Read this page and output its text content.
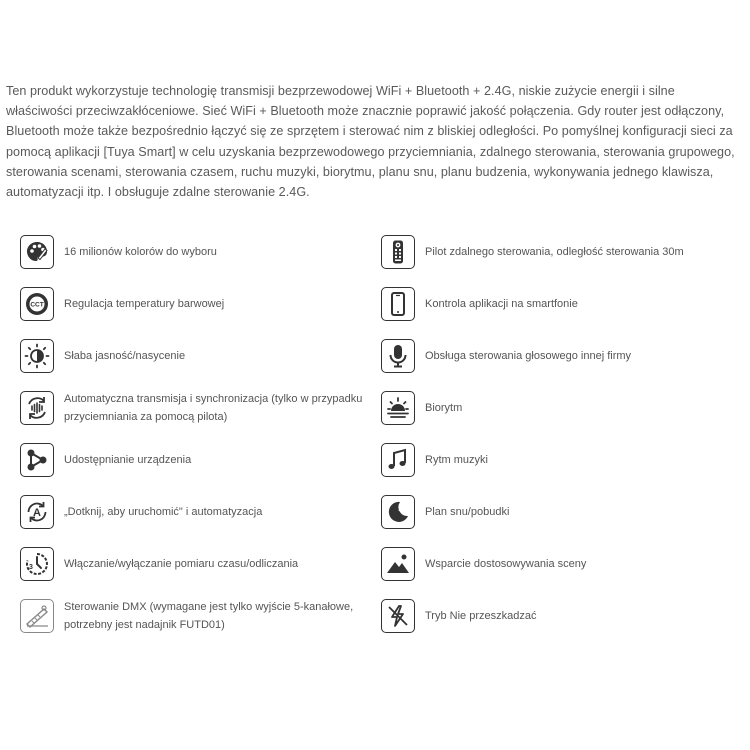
Ten produkt wykorzystuje technologię transmisji bezprzewodowej WiFi + Bluetooth + 2.4G, niskie zużycie energii i silne właściwości przeciwzakłóceniowe. Sieć WiFi + Bluetooth może znacznie poprawić jakość połączenia. Gdy router jest odłączony, Bluetooth może także bezpośrednio łączyć się ze sprzętem i sterować nim z bliskiej odległości. Po pomyślnej konfiguracji sieci za pomocą aplikacji [Tuya Smart] w celu uzyskania bezprzewodowego przyciemniania, zdalnego sterowania, sterowania grupowego, sterowania scenami, sterowania czasem, ruchu muzyki, biorytmu, planu snu, planu budzenia, wykonywania jednego klawisza, automatyzacji itp. I obsługuje zdalne sterowanie 2.4G.

16 milionów kolorów do wyboru
CCT Regulacja temperatury barwowej
Słaba jasność/nasycenie
Automatyczna transmisja i synchronizacja (tylko w przypadku przyciemniania za pomocą pilota)
Udostępnianie urządzenia
A „Dotknij, aby uruchomić" i automatyzacja
3	Włączanie/wyłączanie pomiaru czasu/odliczania
Sterowanie DMX (wymagane jest tylko wyjście 5-kanałowe, potrzebny jest nadajnik FUTD01)
Pilot zdalnego sterowania, odległość sterowania 30m
Kontrola aplikacji na smartfonie
Obsługa sterowania głosowego innej firmy
Biorytm
Rytm muzyki
Z Plan snu/pobudki
Wsparcie dostosowywania sceny
Tryb Nie przeszkadzać
